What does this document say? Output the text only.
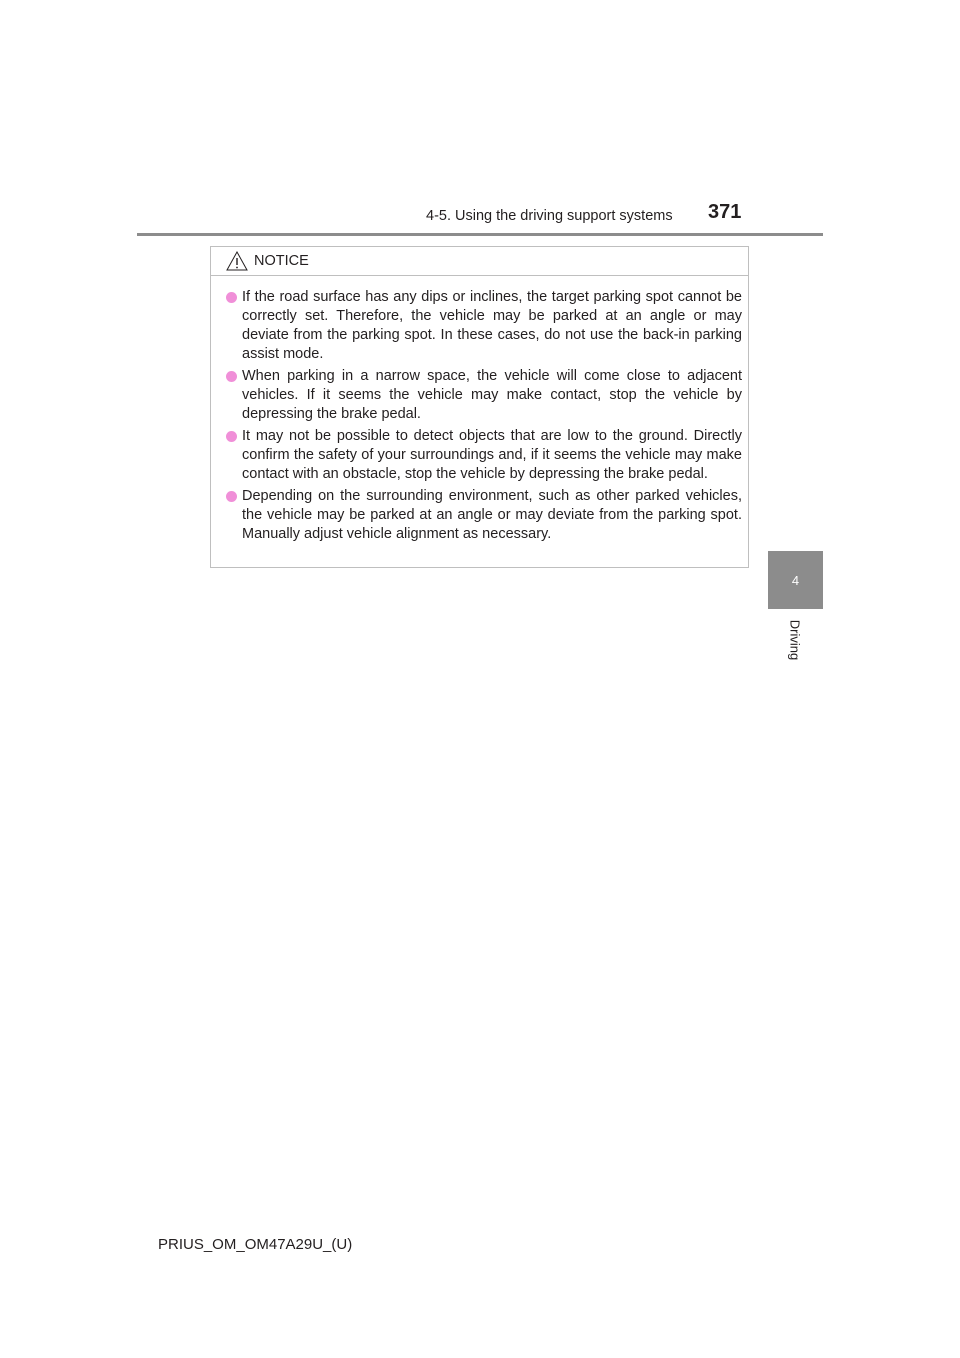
4-5. Using the driving support systems 371
4
Driving
NOTICE
If the road surface has any dips or inclines, the target parking spot cannot be correctly set. Therefore, the vehicle may be parked at an angle or may deviate from the parking spot. In these cases, do not use the back-in parking assist mode.
When parking in a narrow space, the vehicle will come close to adjacent vehicles. If it seems the vehicle may make contact, stop the vehicle by depressing the brake pedal.
It may not be possible to detect objects that are low to the ground. Directly confirm the safety of your surroundings and, if it seems the vehicle may make contact with an obstacle, stop the vehicle by depressing the brake pedal.
Depending on the surrounding environment, such as other parked vehicles, the vehicle may be parked at an angle or may deviate from the parking spot. Manually adjust vehicle alignment as necessary.
PRIUS_OM_OM47A29U_(U)
